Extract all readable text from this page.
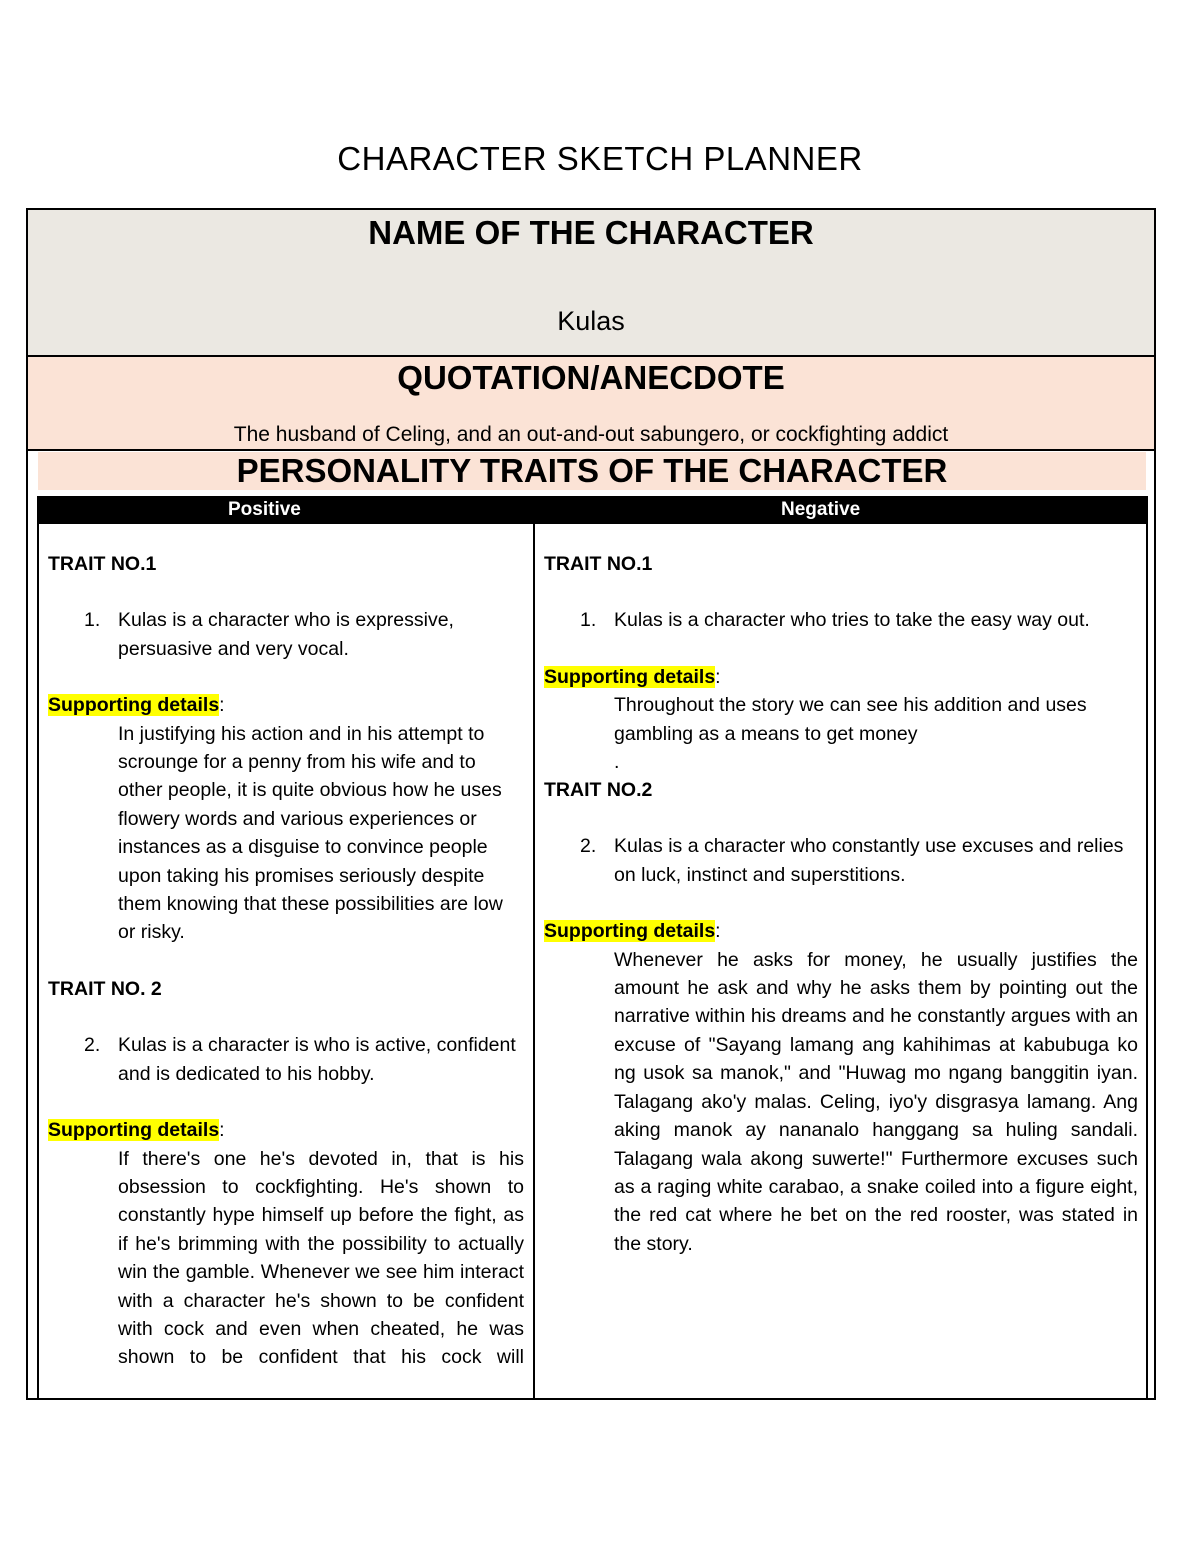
CHARACTER SKETCH PLANNER
NAME OF THE CHARACTER
Kulas
QUOTATION/ANECDOTE
The husband of Celing, and an out-and-out sabungero, or cockfighting addict
PERSONALITY TRAITS OF THE CHARACTER
Positive	Negative
TRAIT NO.1
1. Kulas is a character who is expressive, persuasive and very vocal.
Supporting details:
In justifying his action and in his attempt to scrounge for a penny from his wife and to other people, it is quite obvious how he uses flowery words and various experiences or instances as a disguise to convince people upon taking his promises seriously despite them knowing that these possibilities are low or risky.
TRAIT NO. 2
2. Kulas is a character is who is active, confident and is dedicated to his hobby.
Supporting details:
If there's one he's devoted in, that is his obsession to cockfighting. He's shown to constantly hype himself up before the fight, as if he's brimming with the possibility to actually win the gamble. Whenever we see him interact with a character he's shown to be confident with cock and even when cheated, he was shown to be confident that his cock will
TRAIT NO.1
1. Kulas is a character who tries to take the easy way out.
Supporting details:
Throughout the story we can see his addition and uses gambling as a means to get money
.
TRAIT NO.2
2. Kulas is a character who constantly use excuses and relies on luck, instinct and superstitions.
Supporting details:
Whenever he asks for money, he usually justifies the amount he ask and why he asks them by pointing out the narrative within his dreams and he constantly argues with an excuse of "Sayang lamang ang kahihimas at kabubuga ko ng usok sa manok," and "Huwag mo ngang banggitin iyan. Talagang ako'y malas. Celing, iyo'y disgrasya lamang. Ang aking manok ay nananalo hanggang sa huling sandali. Talagang wala akong suwerte!" Furthermore excuses such as a raging white carabao, a snake coiled into a figure eight, the red cat where he bet on the red rooster, was stated in the story.
